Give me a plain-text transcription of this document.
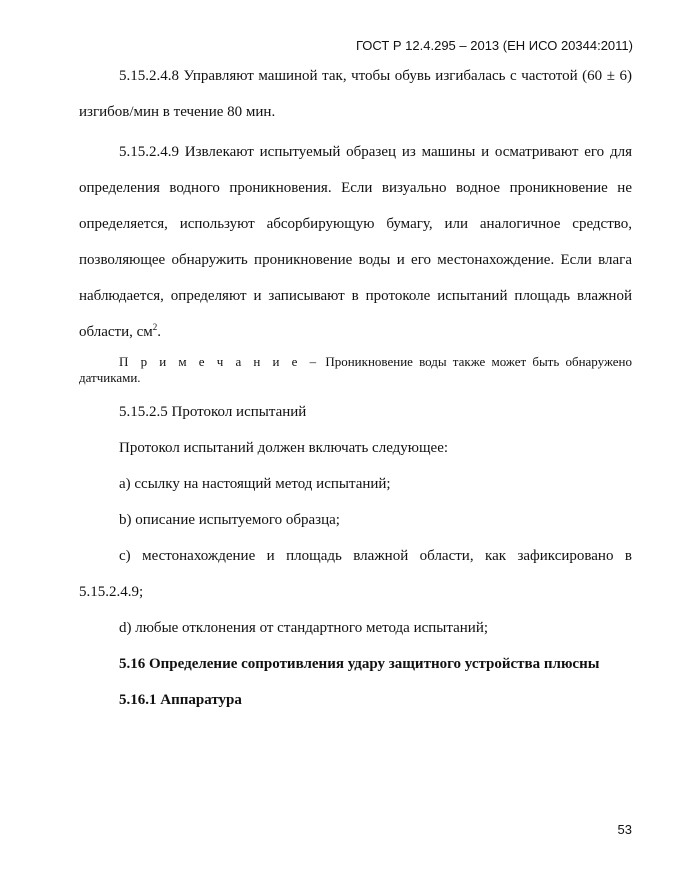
ГОСТ Р 12.4.295 – 2013 (ЕН ИСО 20344:2011)

5.15.2.4.8 Управляют машиной так, чтобы обувь изгибалась с частотой (60 ± 6) изгибов/мин в течение 80 мин.

5.15.2.4.9 Извлекают испытуемый образец из машины и осматривают его для определения водного проникновения. Если визуально водное проникновение не определяется, используют абсорбирующую бумагу, или аналогичное средство, позволяющее обнаружить проникновение воды и его местонахождение. Если влага наблюдается, определяют и записывают в протоколе испытаний площадь влажной области, $см^2$.

П р и м е ч а н и е – Проникновение воды также может быть обнаружено датчиками.

5.15.2.5 Протокол испытаний

Протокол испытаний должен включать следующее:

a) ссылку на настоящий метод испытаний;

b) описание испытуемого образца;

c) местонахождение и площадь влажной области, как зафиксировано в 5.15.2.4.9;

d) любые отклонения от стандартного метода испытаний;

5.16 Определение сопротивления удару защитного устройства плюсны

5.16.1 Аппаратура

53
